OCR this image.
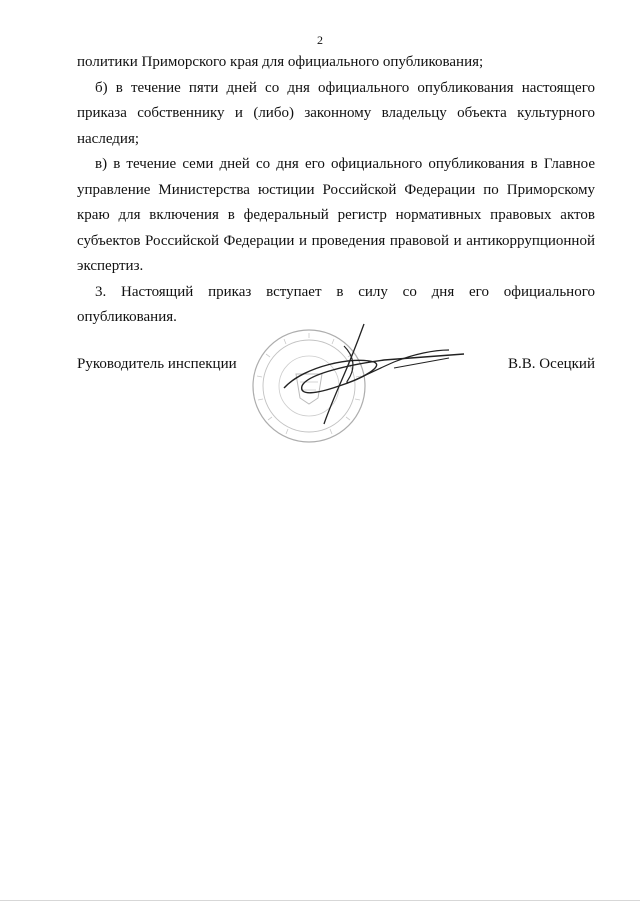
2

политики Приморского края для официального опубликования;

б) в течение пяти дней со дня официального опубликования настоящего приказа собственнику и (либо) законному владельцу объекта культурного наследия;

в) в течение семи дней со дня его официального опубликования в Главное управление Министерства юстиции Российской Федерации по Приморскому краю для включения в федеральный регистр нормативных правовых актов субъектов Российской Федерации и проведения правовой и антикоррупционной экспертиз.

3. Настоящий приказ вступает в силу со дня его официального опубликования.

Руководитель инспекции	В.В. Осецкий
